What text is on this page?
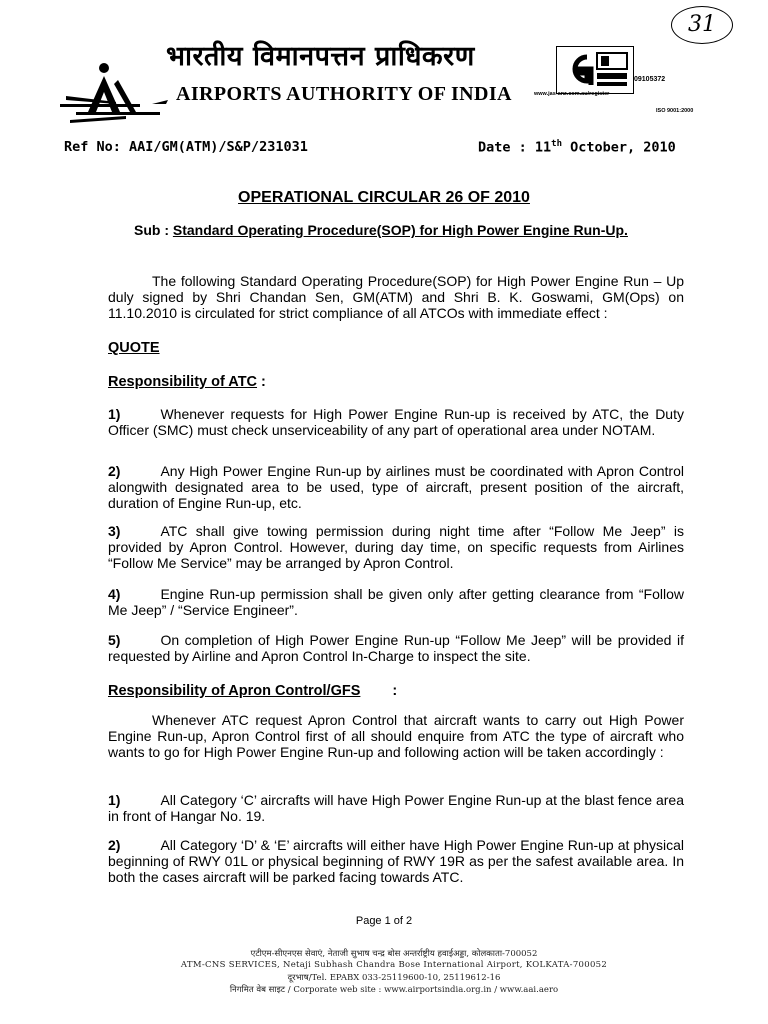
31
भारतीय विमानपत्तन प्राधिकरण
AIRPORTS AUTHORITY OF INDIA
09105372
www.jas-anz.com.au/register
ISO 9001:2000
Ref No: AAI/GM(ATM)/S&P/231031	Date : 11th October, 2010
OPERATIONAL CIRCULAR 26 OF 2010
Sub : Standard Operating Procedure(SOP) for High Power Engine Run-Up.
The following Standard Operating Procedure(SOP) for High Power Engine Run – Up duly signed by Shri Chandan Sen, GM(ATM) and Shri B. K. Goswami, GM(Ops) on 11.10.2010 is circulated for strict compliance of all ATCOs with immediate effect :
QUOTE
Responsibility of ATC :
1)	Whenever requests for High Power Engine Run-up is received by ATC, the Duty Officer (SMC) must check unserviceability of any part of operational area under NOTAM.
2)	Any High Power Engine Run-up by airlines must be coordinated with Apron Control alongwith designated area to be used, type of aircraft, present position of the aircraft, duration of Engine Run-up, etc.
3)	ATC shall give towing permission during night time after “Follow Me Jeep” is provided by Apron Control. However, during day time, on specific requests from Airlines “Follow Me Service” may be arranged by Apron Control.
4)	Engine Run-up permission shall be given only after getting clearance from “Follow Me Jeep” / “Service Engineer”.
5)	On completion of High Power Engine Run-up “Follow Me Jeep” will be provided if requested by Airline and Apron Control In-Charge to inspect the site.
Responsibility of Apron Control/GFS :
Whenever ATC request Apron Control that aircraft wants to carry out High Power Engine Run-up, Apron Control first of all should enquire from ATC the type of aircraft who wants to go for High Power Engine Run-up and following action will be taken accordingly :
1)	All Category ‘C’ aircrafts will have High Power Engine Run-up at the blast fence area in front of Hangar No. 19.
2)	All Category ‘D’ & ‘E’ aircrafts will either have High Power Engine Run-up at physical beginning of RWY 01L or physical beginning of RWY 19R as per the safest available area. In both the cases aircraft will be parked facing towards ATC.
Page 1 of 2
एटीएम-सीएनएस सेवाएं, नेताजी सुभाष चन्द्र बोस अन्तर्राष्ट्रीय हवाईअड्डा, कोलकाता-700052
ATM-CNS SERVICES, Netaji Subhash Chandra Bose International Airport, KOLKATA-700052
दूरभाष/Tel. EPABX 033-25119600-10, 25119612-16
निगमित वेब साइट / Corporate web site : www.airportsindia.org.in / www.aai.aero
